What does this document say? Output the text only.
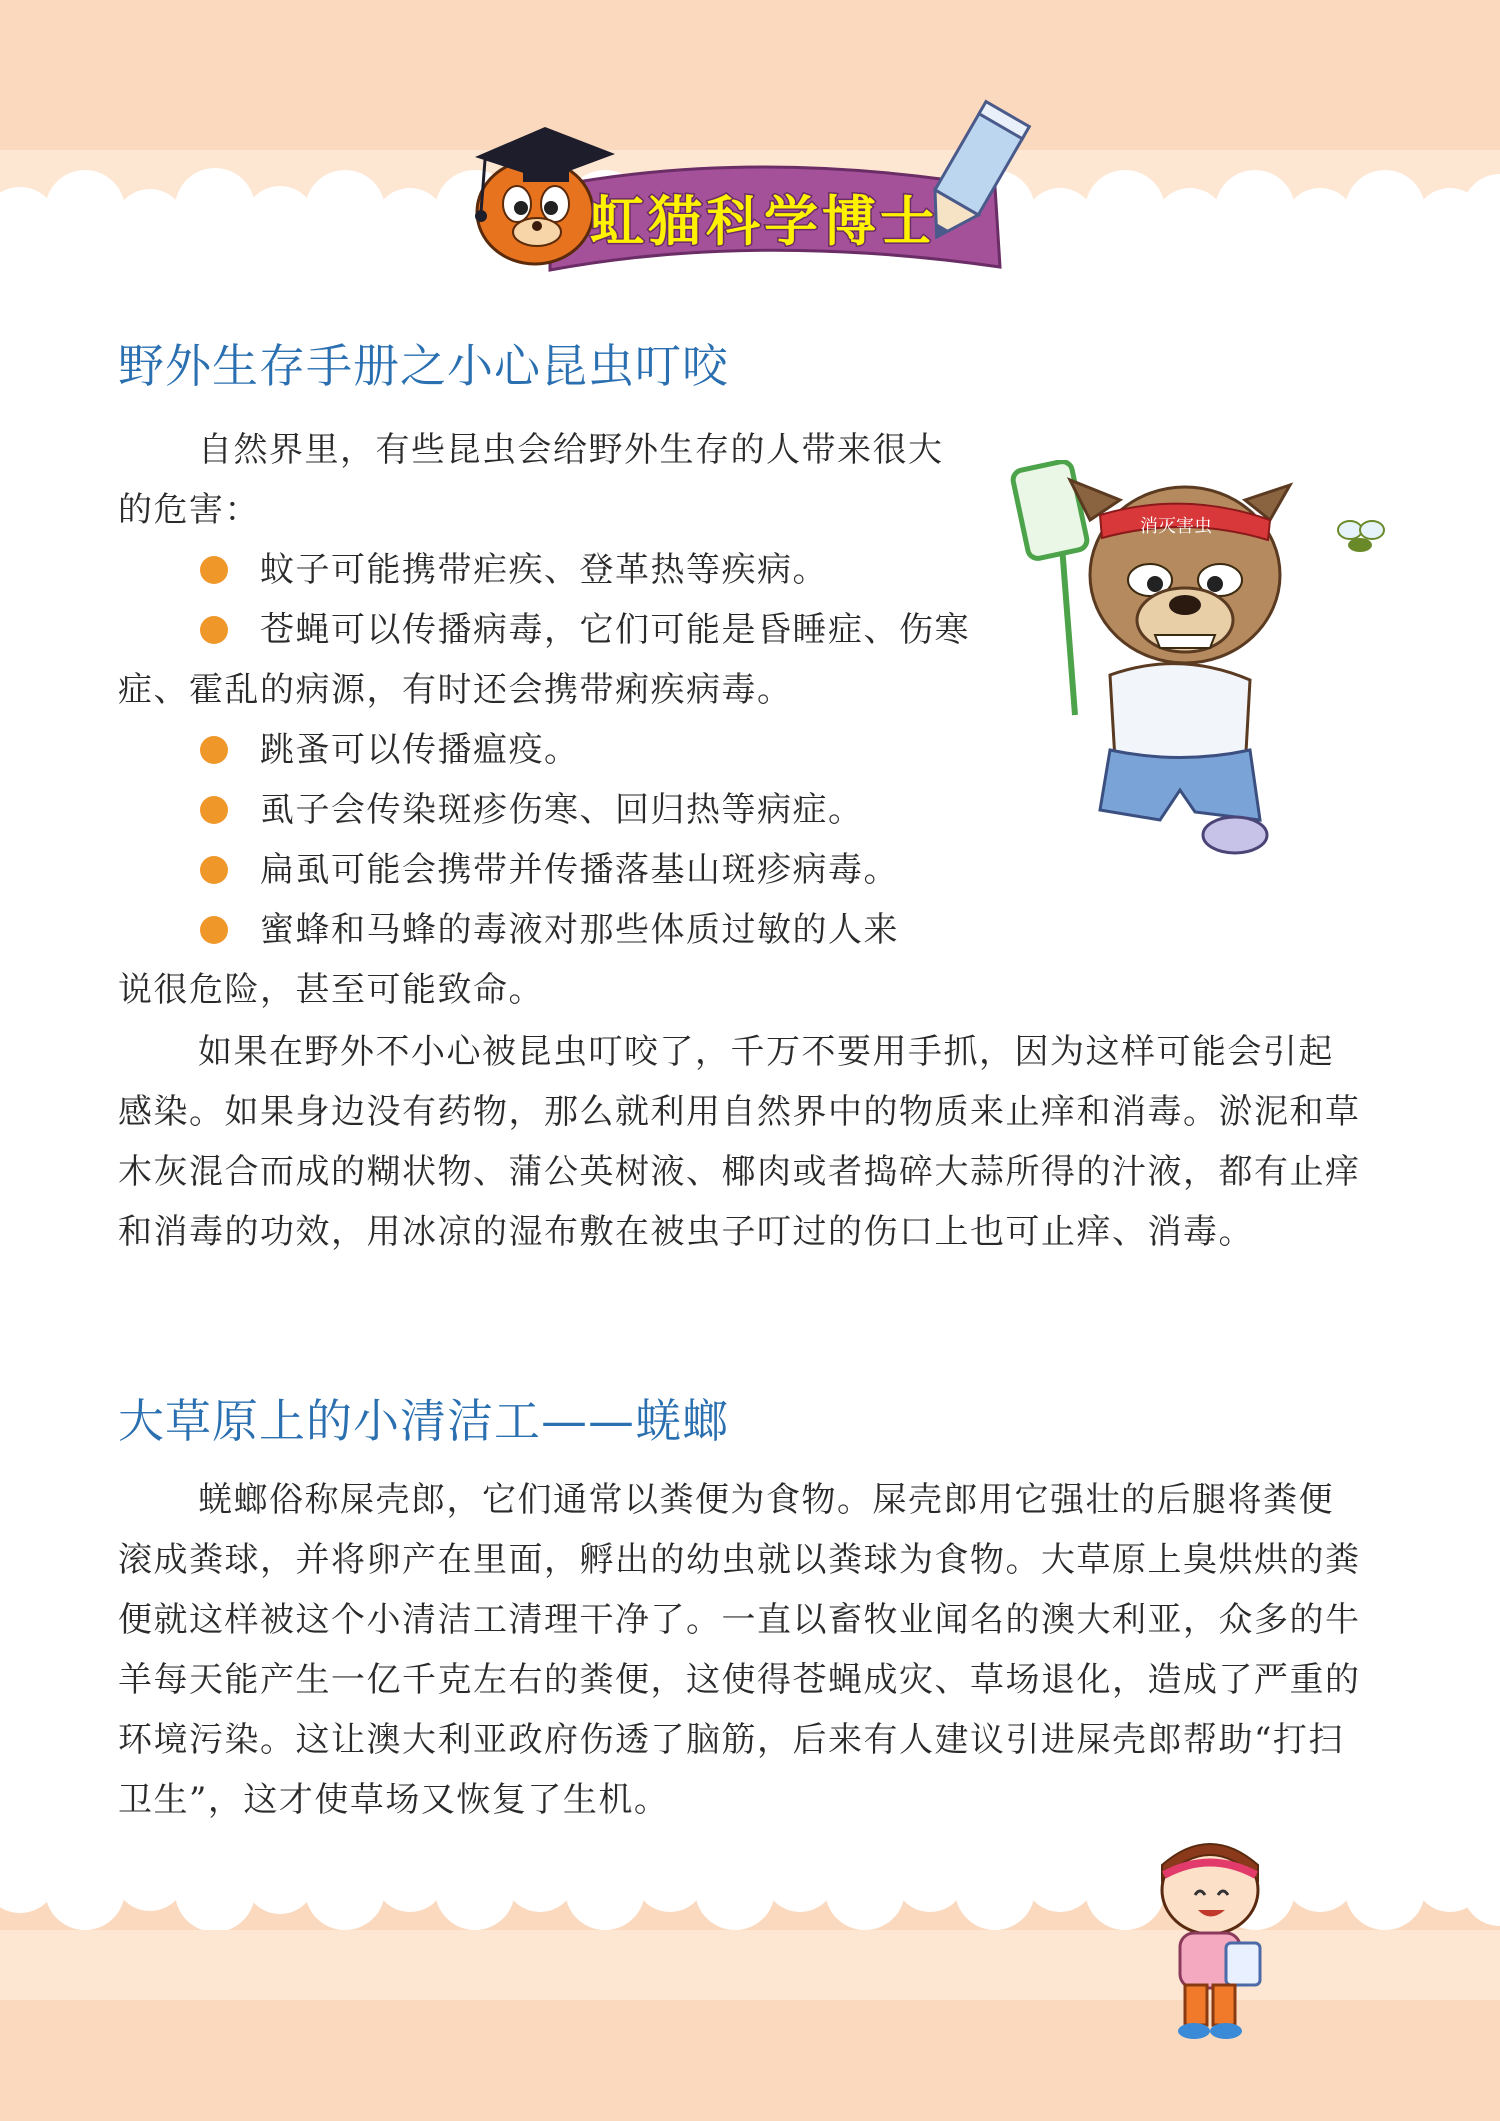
虹猫科学博士
野外生存手册之小心昆虫叮咬

自然界里，有些昆虫会给野外生存的人带来很大的危害：

蚊子可能携带疟疾、登革热等疾病。
苍蝇可以传播病毒，它们可能是昏睡症、伤寒症、霍乱的病源，有时还会携带痢疾病毒。
跳蚤可以传播瘟疫。
虱子会传染斑疹伤寒、回归热等病症。
扁虱可能会携带并传播落基山斑疹病毒。
蜜蜂和马蜂的毒液对那些体质过敏的人来说很危险，甚至可能致命。

如果在野外不小心被昆虫叮咬了，千万不要用手抓，因为这样可能会引起感染。如果身边没有药物，那么就利用自然界中的物质来止痒和消毒。淤泥和草木灰混合而成的糊状物、蒲公英树液、椰肉或者捣碎大蒜所得的汁液，都有止痒和消毒的功效，用冰凉的湿布敷在被虫子叮过的伤口上也可止痒、消毒。

大草原上的小清洁工——蜣螂

蜣螂俗称屎壳郎，它们通常以粪便为食物。屎壳郎用它强壮的后腿将粪便滚成粪球，并将卵产在里面，孵出的幼虫就以粪球为食物。大草原上臭烘烘的粪便就这样被这个小清洁工清理干净了。一直以畜牧业闻名的澳大利亚，众多的牛羊每天能产生一亿千克左右的粪便，这使得苍蝇成灾、草场退化，造成了严重的环境污染。这让澳大利亚政府伤透了脑筋，后来有人建议引进屎壳郎帮助“打扫卫生”，这才使草场又恢复了生机。

消灭害虫
